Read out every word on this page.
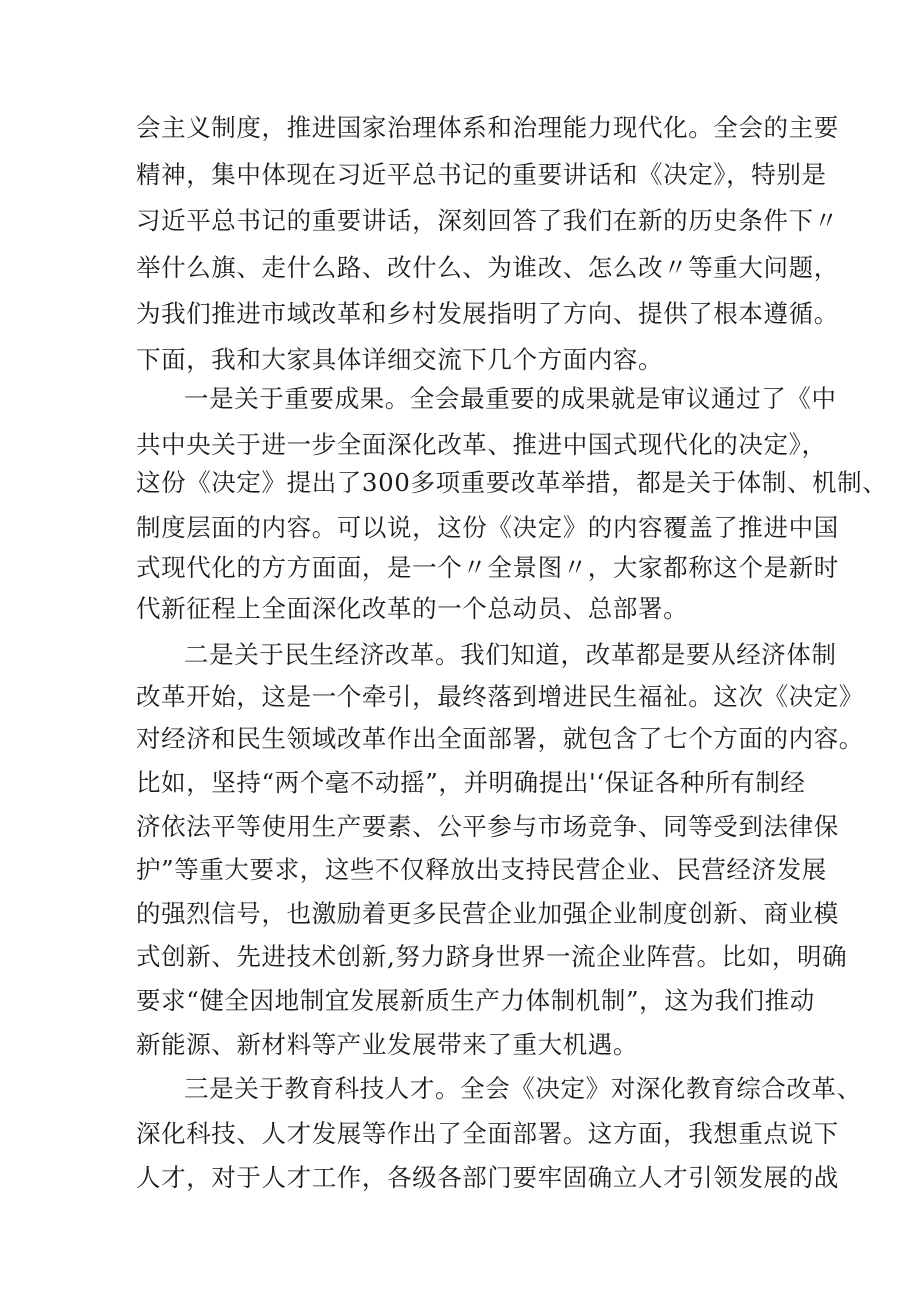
会主义制度，推进国家治理体系和治理能力现代化。全会的主要
精神，集中体现在习近平总书记的重要讲话和《决定》，特别是
习近平总书记的重要讲话，深刻回答了我们在新的历史条件下〃
举什么旗、走什么路、改什么、为谁改、怎么改〃等重大问题，
为我们推进市域改革和乡村发展指明了方向、提供了根本遵循。
下面，我和大家具体详细交流下几个方面内容。
一是关于重要成果。全会最重要的成果就是审议通过了《中
共中央关于进一步全面深化改革、推进中国式现代化的决定》，
这份《决定》提出了300多项重要改革举措，都是关于体制、机制、
制度层面的内容。可以说，这份《决定》的内容覆盖了推进中国
式现代化的方方面面，是一个〃全景图〃，大家都称这个是新时
代新征程上全面深化改革的一个总动员、总部署。
二是关于民生经济改革。我们知道，改革都是要从经济体制
改革开始，这是一个牵引，最终落到增进民生福祉。这次《决定》
对经济和民生领域改革作出全面部署，就包含了七个方面的内容。
比如，坚持“两个毫不动摇”，并明确提出'‘保证各种所有制经
济依法平等使用生产要素、公平参与市场竞争、同等受到法律保
护”等重大要求，这些不仅释放出支持民营企业、民营经济发展
的强烈信号，也激励着更多民营企业加强企业制度创新、商业模
式创新、先进技术创新,努力跻身世界一流企业阵营。比如，明确
要求“健全因地制宜发展新质生产力体制机制”，这为我们推动
新能源、新材料等产业发展带来了重大机遇。
三是关于教育科技人才。全会《决定》对深化教育综合改革、
深化科技、人才发展等作出了全面部署。这方面，我想重点说下
人才，对于人才工作，各级各部门要牢固确立人才引领发展的战
